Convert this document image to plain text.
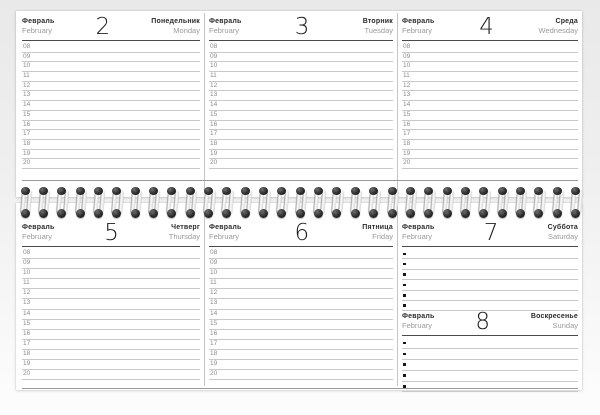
Февраль
February 2	Понедельник
Monday
08
09
10
11
12
13
14
15
16
17
18
19
20
Февраль
February 3	Вторник
Tuesday
08
09
10
11
12
13
14
15
16
17
18
19
20
Февраль
February 4	Среда
Wednesday
08
09
10
11
12
13
14
15
16
17
18
19
20
Февраль
February 5	Четверг
Thursday
08
09
10
11
12
13
14
15
16
17
18
19
20
Февраль
February 6	Пятница
Friday
08
09
10
11
12
13
14
15
16
17
18
19
20
Февраль
February 7	Суббота
Saturday
Февраль
February 8	Воскресенье
Sunday
